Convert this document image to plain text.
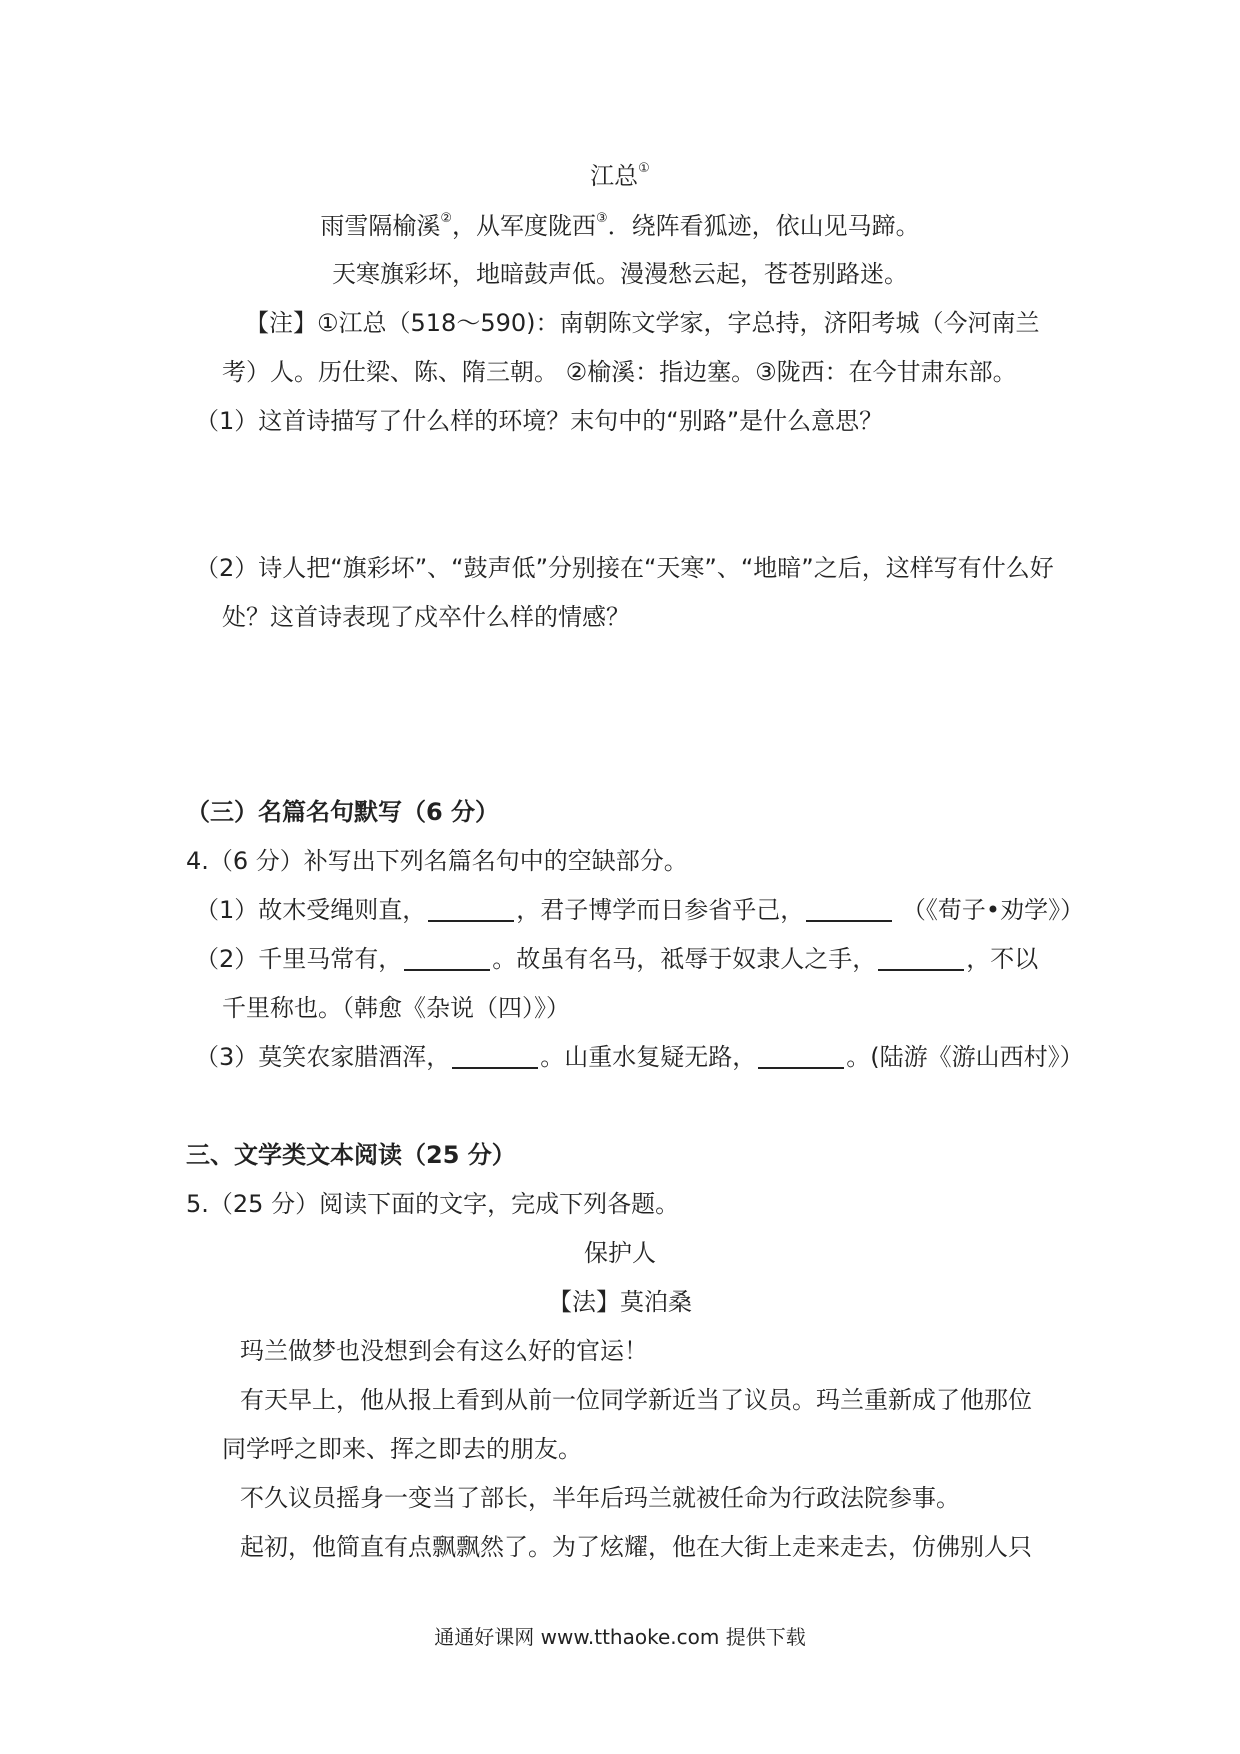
江总①
雨雪隔榆溪②，从军度陇西③．绕阵看狐迹，依山见马蹄。
天寒旗彩坏，地暗鼓声低。漫漫愁云起，苍苍别路迷。
【注】①江总（518～590)：南朝陈文学家，字总持，济阳考城（今河南兰
考）人。历仕梁、陈、隋三朝。 ②榆溪：指边塞。③陇西：在今甘肃东部。
（1）这首诗描写了什么样的环境？末句中的“别路”是什么意思？
（2）诗人把“旗彩坏”、“鼓声低”分别接在“天寒”、“地暗”之后，这样写有什么好
处？这首诗表现了戍卒什么样的情感？
（三）名篇名句默写（6 分）
4.（6 分）补写出下列名篇名句中的空缺部分。
（1）故木受绳则直，	，君子博学而日参省乎己，	（《荀子•劝学》）
（2）千里马常有，	。故虽有名马，祗辱于奴隶人之手，	，不以
千里称也。（韩愈《杂说（四）》）
（3）莫笑农家腊酒浑，	。山重水复疑无路，	。(陆游《游山西村》）
三、文学类文本阅读（25 分）
5.（25 分）阅读下面的文字，完成下列各题。
保护人
【法】莫泊桑
玛兰做梦也没想到会有这么好的官运！
有天早上，他从报上看到从前一位同学新近当了议员。玛兰重新成了他那位
同学呼之即来、挥之即去的朋友。
不久议员摇身一变当了部长，半年后玛兰就被任命为行政法院参事。
起初，他简直有点飘飘然了。为了炫耀，他在大街上走来走去，仿佛别人只
通通好课网 www.tthaoke.com 提供下载
